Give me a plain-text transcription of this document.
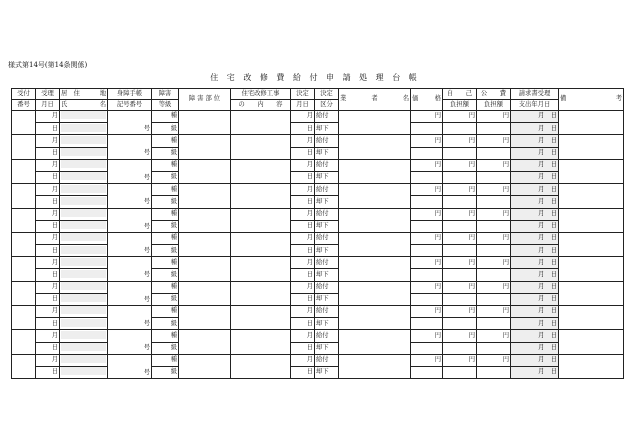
様式第14号(第14条関係)
住 宅 改 修 費 給 付 申 請 処 理 台 帳
受付	受理	居　住 地	身障手帳	障害	障 害 部 位	住宅改修工事	決定	決定	業 者 名	価 格	自　　己	公　　費	請求書受理	備 考

番号	月日	氏 名	記号番号	等級		の　　内　　容	月日	区分			負担額	負担額	支出年月日	
	月		号	種			月	給付		円	円	円	月　日	
	日			級			日	却下					月　日	
	月		号	種			月	給付		円	円	円	月　日	
	日			級			日	却下					月　日	
	月		号	種			月	給付		円	円	円	月　日	
	日			級			日	却下					月　日	
	月		号	種			月	給付		円	円	円	月　日	
	日			級			日	却下					月　日	
	月		号	種			月	給付		円	円	円	月　日	
	日			級			日	却下					月　日	
	月		号	種			月	給付		円	円	円	月　日	
	日			級			日	却下					月　日	
	月		号	種			月	給付		円	円	円	月　日	
	日			級			日	却下					月　日	
	月		号	種			月	給付		円	円	円	月　日	
	日			級			日	却下					月　日	
	月		号	種			月	給付		円	円	円	月　日	
	日			級			日	却下					月　日	
	月		号	種			月	給付		円	円	円	月　日	
	日			級			日	却下					月　日	
	月		号	種			月	給付		円	円	円	月　日	
	日			級			日	却下					月　日	
